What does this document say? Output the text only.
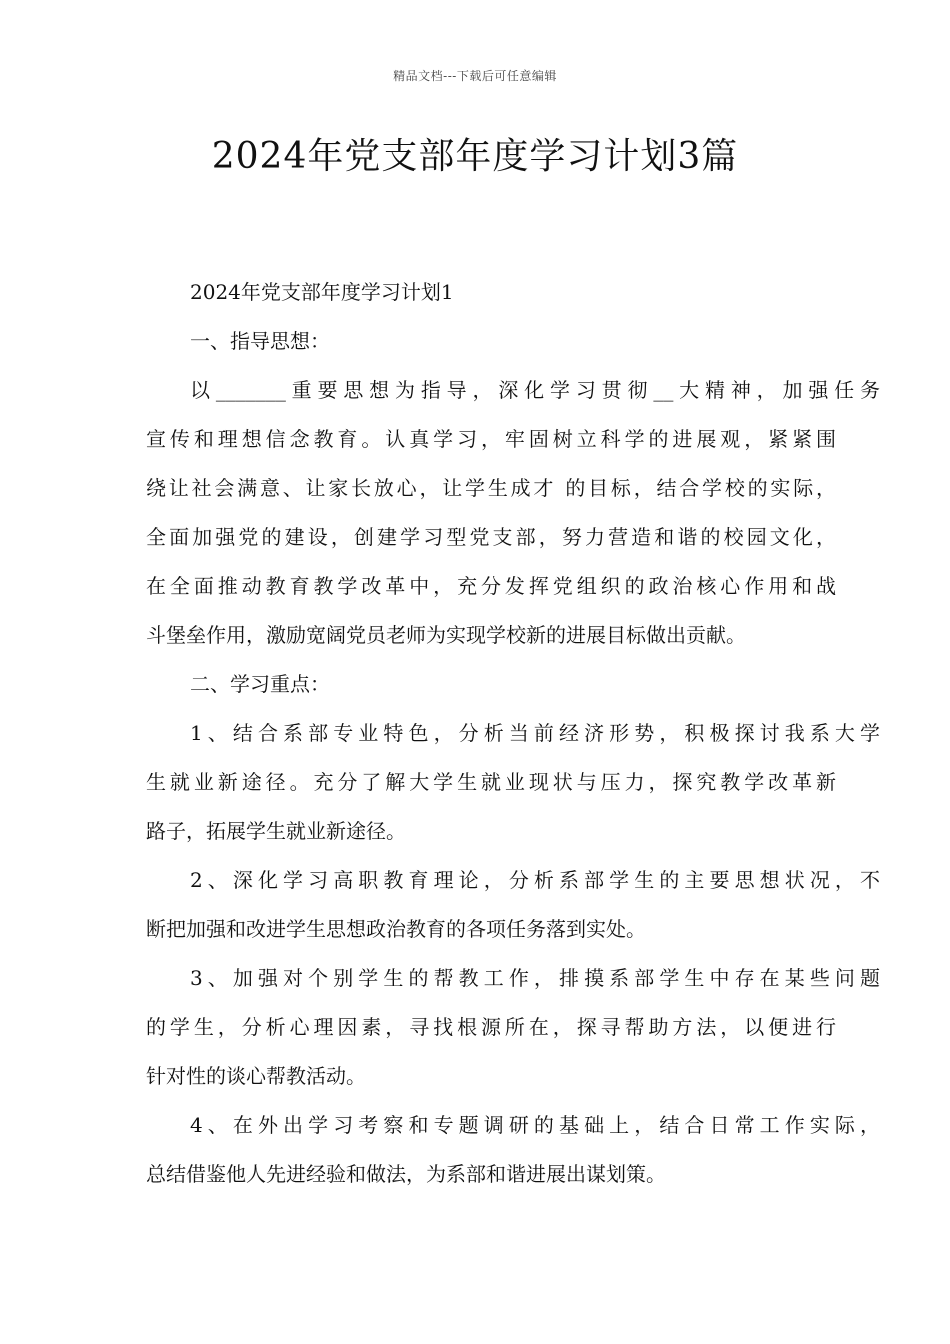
精品文档---下载后可任意编辑
2024年党支部年度学习计划3篇
2024年党支部年度学习计划1
一、指导思想：
以_______重要思想为指导，深化学习贯彻__大精神，加强任务
宣传和理想信念教育。认真学习，牢固树立科学的进展观，紧紧围
绕让社会满意、让家长放心，让学生成才 的目标，结合学校的实际，
全面加强党的建设，创建学习型党支部，努力营造和谐的校园文化，
在全面推动教育教学改革中，充分发挥党组织的政治核心作用和战
斗堡垒作用，激励宽阔党员老师为实现学校新的进展目标做出贡献。
二、学习重点：
1、结合系部专业特色，分析当前经济形势，积极探讨我系大学
生就业新途径。充分了解大学生就业现状与压力，探究教学改革新
路子，拓展学生就业新途径。
2、深化学习高职教育理论，分析系部学生的主要思想状况，不
断把加强和改进学生思想政治教育的各项任务落到实处。
3、加强对个别学生的帮教工作，排摸系部学生中存在某些问题
的学生，分析心理因素，寻找根源所在，探寻帮助方法，以便进行
针对性的谈心帮教活动。
4、在外出学习考察和专题调研的基础上，结合日常工作实际，
总结借鉴他人先进经验和做法，为系部和谐进展出谋划策。
